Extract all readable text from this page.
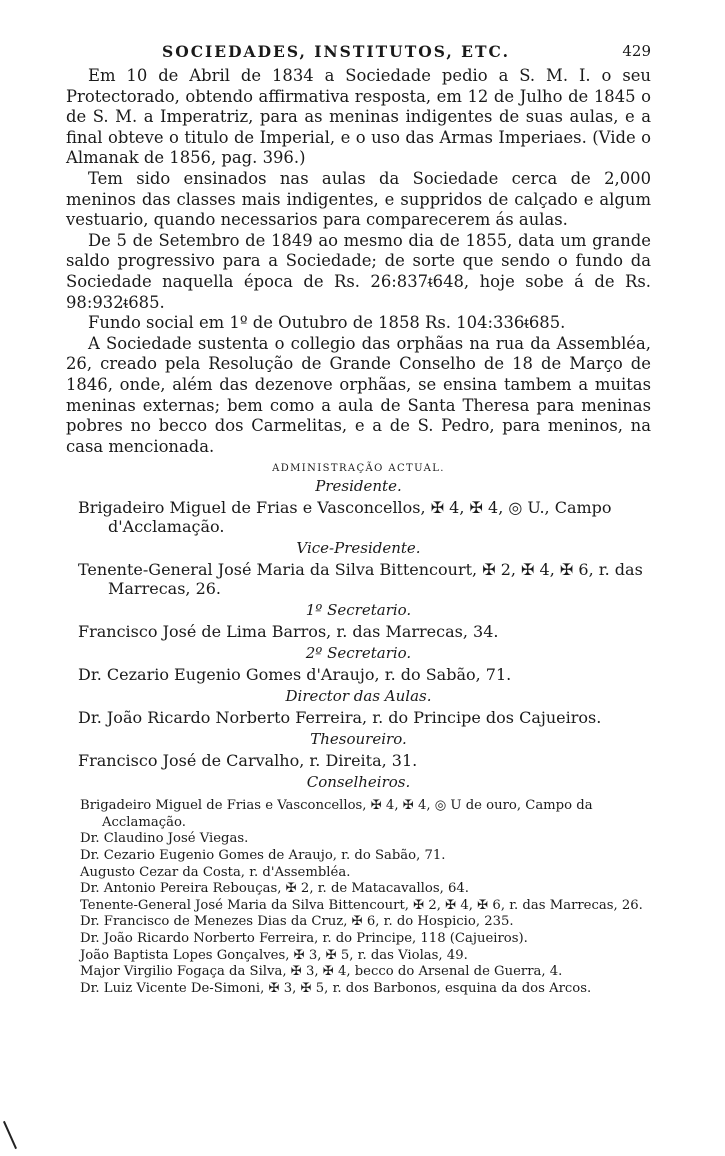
SOCIEDADES, INSTITUTOS, ETC.	429

Em 10 de Abril de 1834 a Sociedade pedio a S. M. I. o seu Protectorado, obtendo affirmativa resposta, em 12 de Julho de 1845 o de S. M. a Imperatriz, para as meninas indigentes de suas aulas, e a final obteve o titulo de Imperial, e o uso das Armas Imperiaes. (Vide o Almanak de 1856, pag. 396.)

Tem sido ensinados nas aulas da Sociedade cerca de 2,000 meninos das classes mais indigentes, e suppridos de calçado e algum vestuario, quando necessarios para comparecerem ás aulas.

De 5 de Setembro de 1849 ao mesmo dia de 1855, data um grande saldo progressivo para a Sociedade; de sorte que sendo o fundo da Sociedade naquella época de Rs. 26:837ᵵ648, hoje sobe á de Rs. 98:932ᵵ685.

Fundo social em 1º de Outubro de 1858 Rs. 104:336ᵵ685.

A Sociedade sustenta o collegio das orphãas na rua da Assembléa, 26, creado pela Resolução de Grande Conselho de 18 de Março de 1846, onde, além das dezenove orphãas, se ensina tambem a muitas meninas externas; bem como a aula de Santa Theresa para meninas pobres no becco dos Carmelitas, e a de S. Pedro, para meninos, na casa mencionada.

ADMINISTRAÇÃO ACTUAL.
Presidente.
Brigadeiro Miguel de Frias e Vasconcellos, ✠ 4, ✠ 4, ◎ U., Campo d'Acclamação.
Vice-Presidente.
Tenente-General José Maria da Silva Bittencourt, ✠ 2, ✠ 4, ✠ 6, r. das Marrecas, 26.
1º Secretario.
Francisco José de Lima Barros, r. das Marrecas, 34.
2º Secretario.
Dr. Cezario Eugenio Gomes d'Araujo, r. do Sabão, 71.
Director das Aulas.
Dr. João Ricardo Norberto Ferreira, r. do Principe dos Cajueiros.
Thesoureiro.
Francisco José de Carvalho, r. Direita, 31.
Conselheiros.
Brigadeiro Miguel de Frias e Vasconcellos, ✠ 4, ✠ 4, ◎ U de ouro, Campo da Acclamação.
Dr. Claudino José Viegas.
Dr. Cezario Eugenio Gomes de Araujo, r. do Sabão, 71.
Augusto Cezar da Costa, r. d'Assembléa.
Dr. Antonio Pereira Rebouças, ✠ 2, r. de Matacavallos, 64.
Tenente-General José Maria da Silva Bittencourt, ✠ 2, ✠ 4, ✠ 6, r. das Marrecas, 26.
Dr. Francisco de Menezes Dias da Cruz, ✠ 6, r. do Hospicio, 235.
Dr. João Ricardo Norberto Ferreira, r. do Principe, 118 (Cajueiros).
João Baptista Lopes Gonçalves, ✠ 3, ✠ 5, r. das Violas, 49.
Major Virgilio Fogaça da Silva, ✠ 3, ✠ 4, becco do Arsenal de Guerra, 4.
Dr. Luiz Vicente De-Simoni, ✠ 3, ✠ 5, r. dos Barbonos, esquina da dos Arcos.
